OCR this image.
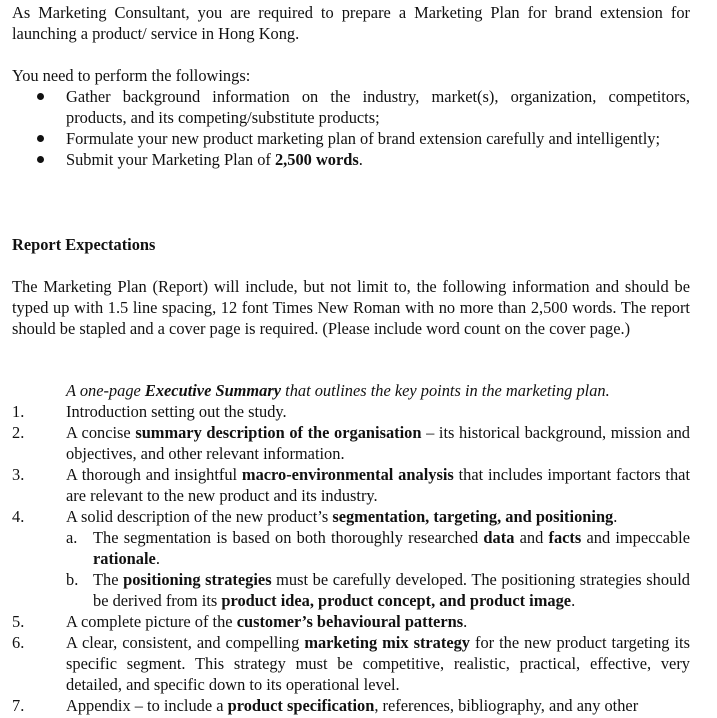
As Marketing Consultant, you are required to prepare a Marketing Plan for brand extension for launching a product/ service in Hong Kong.

You need to perform the followings:

Gather background information on the industry, market(s), organization, competitors, products, and its competing/substitute products;
Formulate your new product marketing plan of brand extension carefully and intelligently;
Submit your Marketing Plan of 2,500 words.

Report Expectations

The Marketing Plan (Report) will include, but not limit to, the following information and should be typed up with 1.5 line spacing, 12 font Times New Roman with no more than 2,500 words. The report should be stapled and a cover page is required. (Please include word count on the cover page.)

A one-page Executive Summary that outlines the key points in the marketing plan.
1.	Introduction setting out the study.
2.	A concise summary description of the organisation – its historical background, mission and objectives, and other relevant information.
3.	A thorough and insightful macro-environmental analysis that includes important factors that are relevant to the new product and its industry.
4.	A solid description of the new product’s segmentation, targeting, and positioning.
a. The segmentation is based on both thoroughly researched data and facts and impeccable rationale.
b. The positioning strategies must be carefully developed. The positioning strategies should be derived from its product idea, product concept, and product image.
5.	A complete picture of the customer’s behavioural patterns.
6.	A clear, consistent, and compelling marketing mix strategy for the new product targeting its specific segment. This strategy must be competitive, realistic, practical, effective, very detailed, and specific down to its operational level.
7.	Appendix – to include a product specification, references, bibliography, and any other
